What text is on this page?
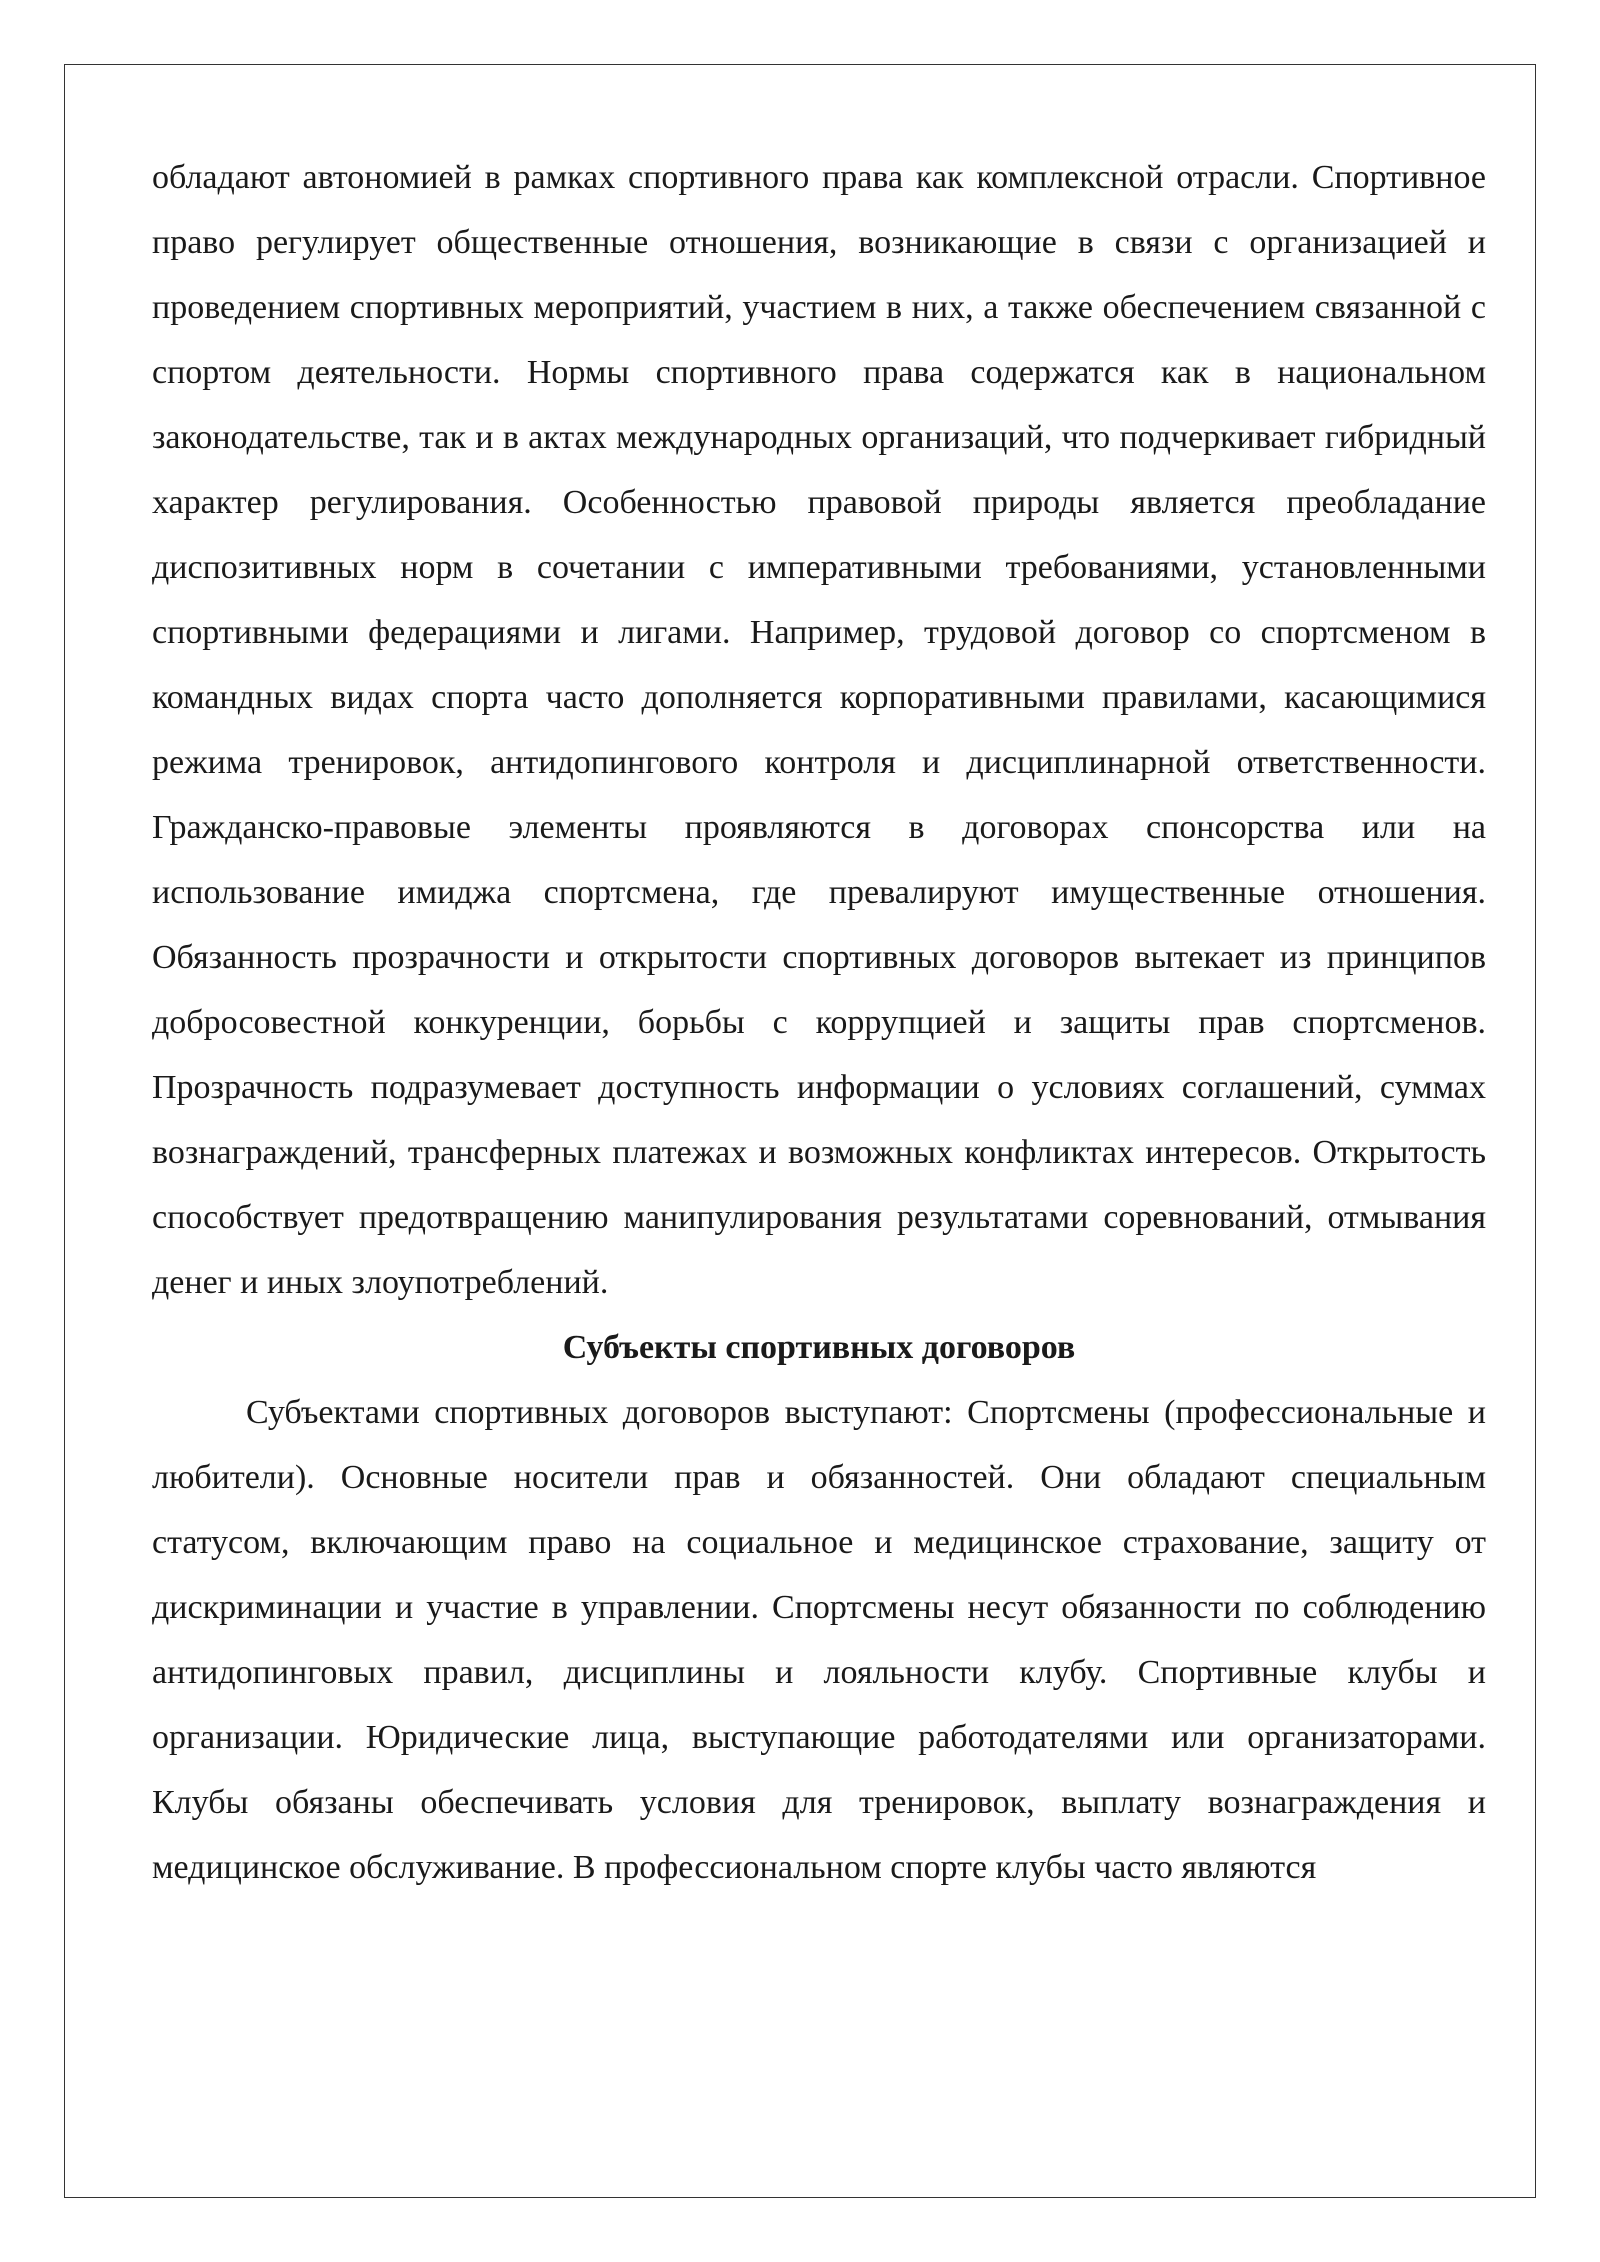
обладают автономией в рамках спортивного права как комплексной отрасли. Спортивное право регулирует общественные отношения, возникающие в связи с организацией и проведением спортивных мероприятий, участием в них, а также обеспечением связанной с спортом деятельности. Нормы спортивного права содержатся как в национальном законодательстве, так и в актах международных организаций, что подчеркивает гибридный характер регулирования. Особенностью правовой природы является преобладание диспозитивных норм в сочетании с императивными требованиями, установленными спортивными федерациями и лигами. Например, трудовой договор со спортсменом в командных видах спорта часто дополняется корпоративными правилами, касающимися режима тренировок, антидопингового контроля и дисциплинарной ответственности. Гражданско-правовые элементы проявляются в договорах спонсорства или на использование имиджа спортсмена, где превалируют имущественные отношения. Обязанность прозрачности и открытости спортивных договоров вытекает из принципов добросовестной конкуренции, борьбы с коррупцией и защиты прав спортсменов. Прозрачность подразумевает доступность информации о условиях соглашений, суммах вознаграждений, трансферных платежах и возможных конфликтах интересов. Открытость способствует предотвращению манипулирования результатами соревнований, отмывания денег и иных злоупотреблений.

Субъекты спортивных договоров

Субъектами спортивных договоров выступают: Спортсмены (профессиональные и любители). Основные носители прав и обязанностей. Они обладают специальным статусом, включающим право на социальное и медицинское страхование, защиту от дискриминации и участие в управлении. Спортсмены несут обязанности по соблюдению антидопинговых правил, дисциплины и лояльности клубу. Спортивные клубы и организации. Юридические лица, выступающие работодателями или организаторами. Клубы обязаны обеспечивать условия для тренировок, выплату вознаграждения и медицинское обслуживание. В профессиональном спорте клубы часто являются
